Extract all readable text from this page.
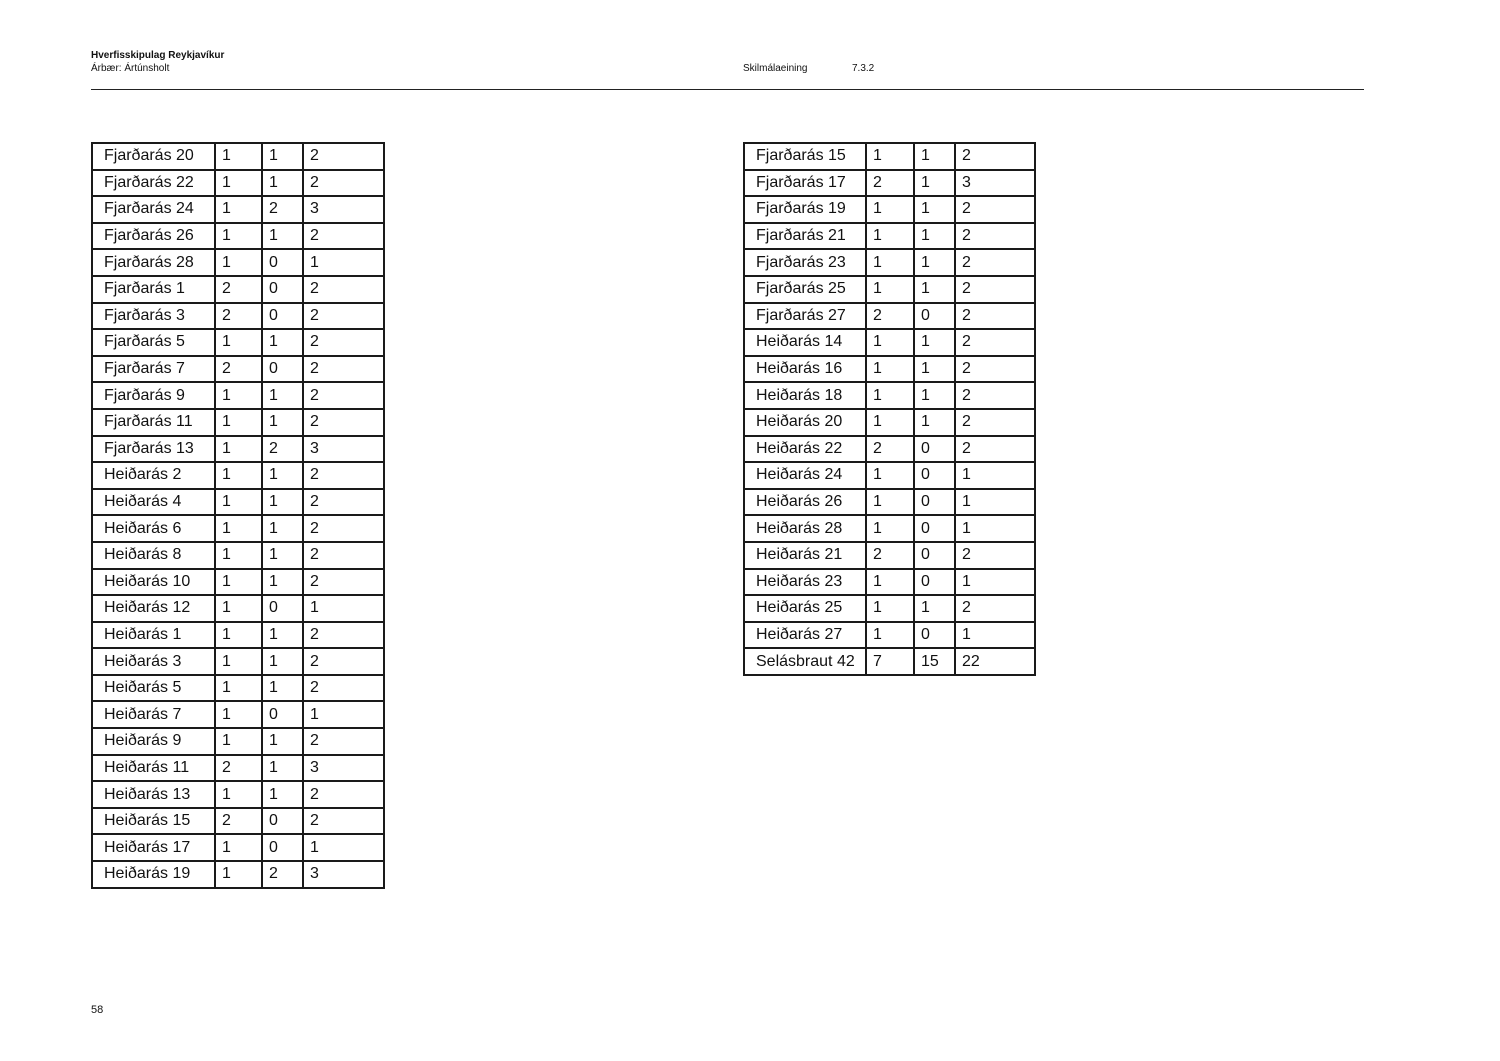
Hverfisskipulag Reykjavíkur
Árbær: Ártúnsholt	Skilmálaeining	7.3.2
Fjarðarás 20	1	1	2
Fjarðarás 22	1	1	2
Fjarðarás 24	1	2	3
Fjarðarás 26	1	1	2
Fjarðarás 28	1	0	1
Fjarðarás 1	2	0	2
Fjarðarás 3	2	0	2
Fjarðarás 5	1	1	2
Fjarðarás 7	2	0	2
Fjarðarás 9	1	1	2
Fjarðarás 11	1	1	2
Fjarðarás 13	1	2	3
Heiðarás 2	1	1	2
Heiðarás 4	1	1	2
Heiðarás 6	1	1	2
Heiðarás 8	1	1	2
Heiðarás 10	1	1	2
Heiðarás 12	1	0	1
Heiðarás 1	1	1	2
Heiðarás 3	1	1	2
Heiðarás 5	1	1	2
Heiðarás 7	1	0	1
Heiðarás 9	1	1	2
Heiðarás 11	2	1	3
Heiðarás 13	1	1	2
Heiðarás 15	2	0	2
Heiðarás 17	1	0	1
Heiðarás 19	1	2	3
Fjarðarás 15	1	1	2
Fjarðarás 17	2	1	3
Fjarðarás 19	1	1	2
Fjarðarás 21	1	1	2
Fjarðarás 23	1	1	2
Fjarðarás 25	1	1	2
Fjarðarás 27	2	0	2
Heiðarás 14	1	1	2
Heiðarás 16	1	1	2
Heiðarás 18	1	1	2
Heiðarás 20	1	1	2
Heiðarás 22	2	0	2
Heiðarás 24	1	0	1
Heiðarás 26	1	0	1
Heiðarás 28	1	0	1
Heiðarás 21	2	0	2
Heiðarás 23	1	0	1
Heiðarás 25	1	1	2
Heiðarás 27	1	0	1
Selásbraut 42	7	15	22
58
